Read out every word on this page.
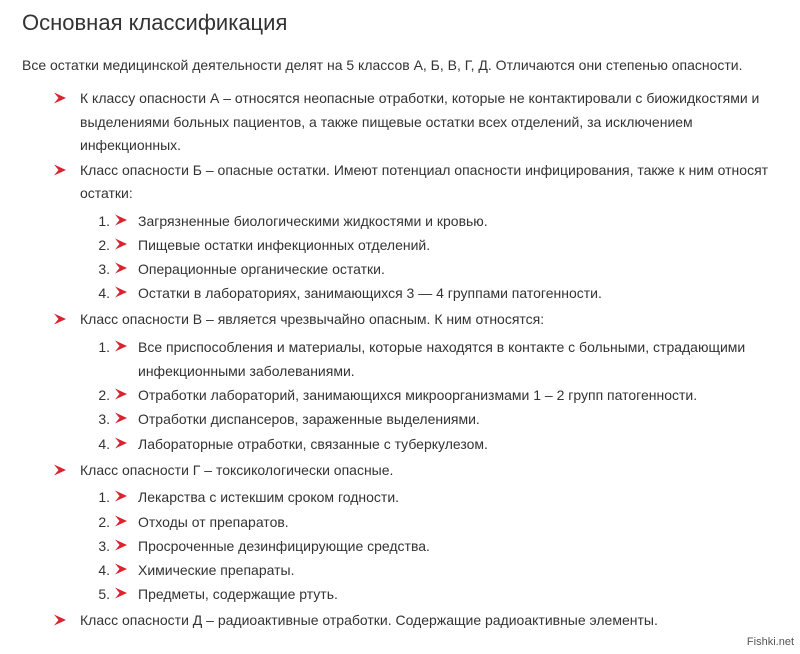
Основная классификация
Все остатки медицинской деятельности делят на 5 классов А, Б, В, Г, Д. Отличаются они степенью опасности.
К классу опасности А – относятся неопасные отработки, которые не контактировали с биожидкостями и выделениями больных пациентов, а также пищевые остатки всех отделений, за исключением инфекционных.
Класс опасности Б – опасные остатки. Имеют потенциал опасности инфицирования, также к ним относят остатки:
1. Загрязненные биологическими жидкостями и кровью.
2. Пищевые остатки инфекционных отделений.
3. Операционные органические остатки.
4. Остатки в лабораториях, занимающихся 3 — 4 группами патогенности.
Класс опасности В – является чрезвычайно опасным. К ним относятся:
1. Все приспособления и материалы, которые находятся в контакте с больными, страдающими инфекционными заболеваниями.
2. Отработки лабораторий, занимающихся микроорганизмами 1 – 2 групп патогенности.
3. Отработки диспансеров, зараженные выделениями.
4. Лабораторные отработки, связанные с туберкулезом.
Класс опасности Г – токсикологически опасные.
1. Лекарства с истекшим сроком годности.
2. Отходы от препаратов.
3. Просроченные дезинфицирующие средства.
4. Химические препараты.
5. Предметы, содержащие ртуть.
Класс опасности Д – радиоактивные отработки. Содержащие радиоактивные элементы.
Fishki.net
